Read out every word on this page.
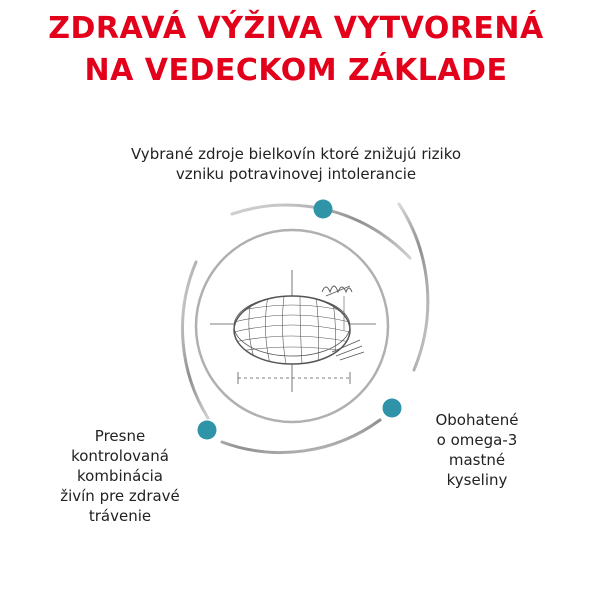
ZDRAVÁ VÝŽIVA VYTVORENÁ
NA VEDECKOM ZÁKLADE
Vybrané zdroje bielkovín ktoré znižujú riziko
vzniku potravinovej intolerancie
Obohatené
o omega-3
mastné
kyseliny
Presne
kontrolovaná
kombinácia
živín pre zdravé
trávenie
